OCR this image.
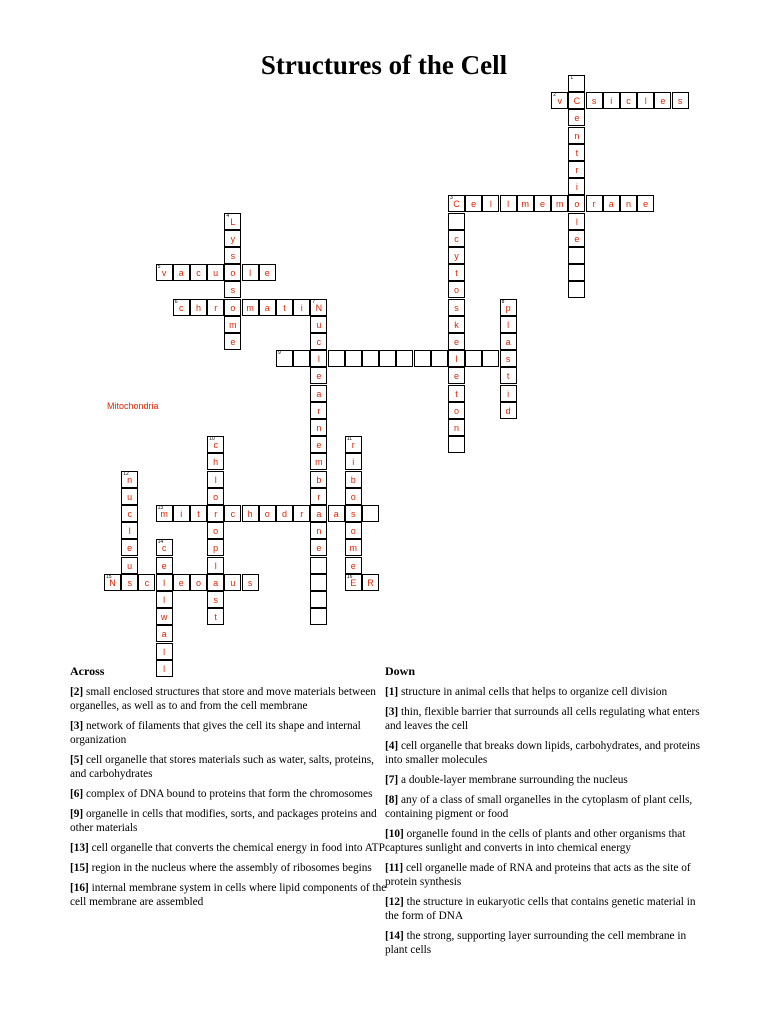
Structures of the Cell	1
C
e
n
t
r
i
o
l
e
2
v	s	i	c	l	e	s
3
C	e	l	l	m	e	m	r	a	n	e
c
y
t
o
s
k
e
l
e
t
o
n
4
L
y
s
o
s
o
m
e
5
v	a	c	u	l	e
6
c	h	r	m	a	t	i
7
N
u
c
l
e
a
r
n
e
m
b
r
a
n
e
8
p
l
a
s
t
i
d
9
10
c
h
l
o
r
o
p
l
a
s
t
11
r
i
b
o
s
o
m
e
12
n
u
c
l
e
u
s
13
m	i	t	c	h	o	d	r	a
14
c
e
l
l
w
a
l
l
15
N	c	e	o	u	s
16
E	R
Mitochondria
Across
[2] small enclosed structures that store and move materials between organelles, as well as to and from the cell membrane
[3] network of filaments that gives the cell its shape and internal organization
[5] cell organelle that stores materials such as water, salts, proteins, and carbohydrates
[6] complex of DNA bound to proteins that form the chromosomes
[9] organelle in cells that modifies, sorts, and packages proteins and other materials
[13] cell organelle that converts the chemical energy in food into ATP
[15] region in the nucleus where the assembly of ribosomes begins
[16] internal membrane system in cells where lipid components of the cell membrane are assembled
Down
[1] structure in animal cells that helps to organize cell division
[3] thin, flexible barrier that surrounds all cells regulating what enters and leaves the cell
[4] cell organelle that breaks down lipids, carbohydrates, and proteins into smaller molecules
[7] a double-layer membrane surrounding the nucleus
[8] any of a class of small organelles in the cytoplasm of plant cells, containing pigment or food
[10] organelle found in the cells of plants and other organisms that captures sunlight and converts in into chemical energy
[11] cell organelle made of RNA and proteins that acts as the site of protein synthesis
[12] the structure in eukaryotic cells that contains genetic material in the form of DNA
[14] the strong, supporting layer surrounding the cell membrane in plant cells
